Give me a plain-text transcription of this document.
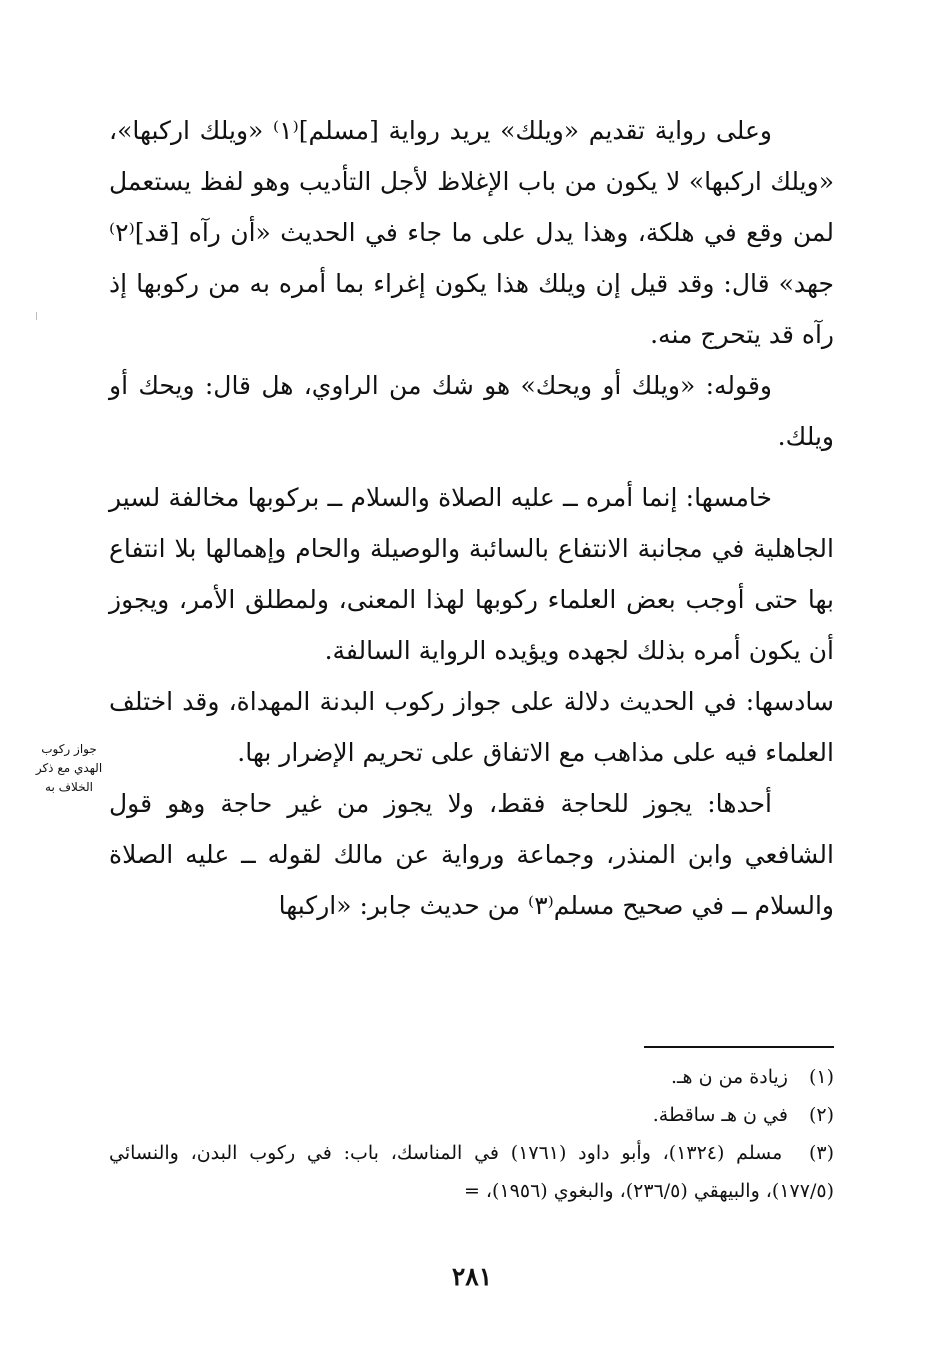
وعلى رواية تقديم «ويلك» يريد رواية [مسلم]⁽١⁾ «ويلك اركبها»، «ويلك اركبها» لا يكون من باب الإغلاظ لأجل التأديب وهو لفظ يستعمل لمن وقع في هلكة، وهذا يدل على ما جاء في الحديث «أن رآه [قد]⁽٢⁾ جهد» قال: وقد قيل إن ويلك هذا يكون إغراء بما أمره به من ركوبها إذ رآه قد يتحرج منه.

وقوله: «ويلك أو ويحك» هو شك من الراوي، هل قال: ويحك أو ويلك.

خامسها: إنما أمره ــ عليه الصلاة والسلام ــ بركوبها مخالفة لسير الجاهلية في مجانبة الانتفاع بالسائبة والوصيلة والحام وإهمالها بلا انتفاع بها حتى أوجب بعض العلماء ركوبها لهذا المعنى، ولمطلق الأمر، ويجوز أن يكون أمره بذلك لجهده ويؤيده الرواية السالفة.

سادسها: في الحديث دلالة على جواز ركوب البدنة المهداة، وقد اختلف العلماء فيه على مذاهب مع الاتفاق على تحريم الإضرار بها.

أحدها: يجوز للحاجة فقط، ولا يجوز من غير حاجة وهو قول الشافعي وابن المنذر، وجماعة ورواية عن مالك لقوله ــ عليه الصلاة والسلام ــ في صحيح مسلم⁽٣⁾ من حديث جابر: «اركبها

جواز ركوب
الهدي مع ذكر
الخلاف به

(١) زيادة من ن هـ.

(٢) في ن هـ ساقطة.

(٣) مسلم (١٣٢٤)، وأبو داود (١٧٦١) في المناسك، باب: في ركوب البدن، والنسائي (١٧٧/٥)، والبيهقي (٢٣٦/٥)، والبغوي (١٩٥٦)، =

٢٨١
